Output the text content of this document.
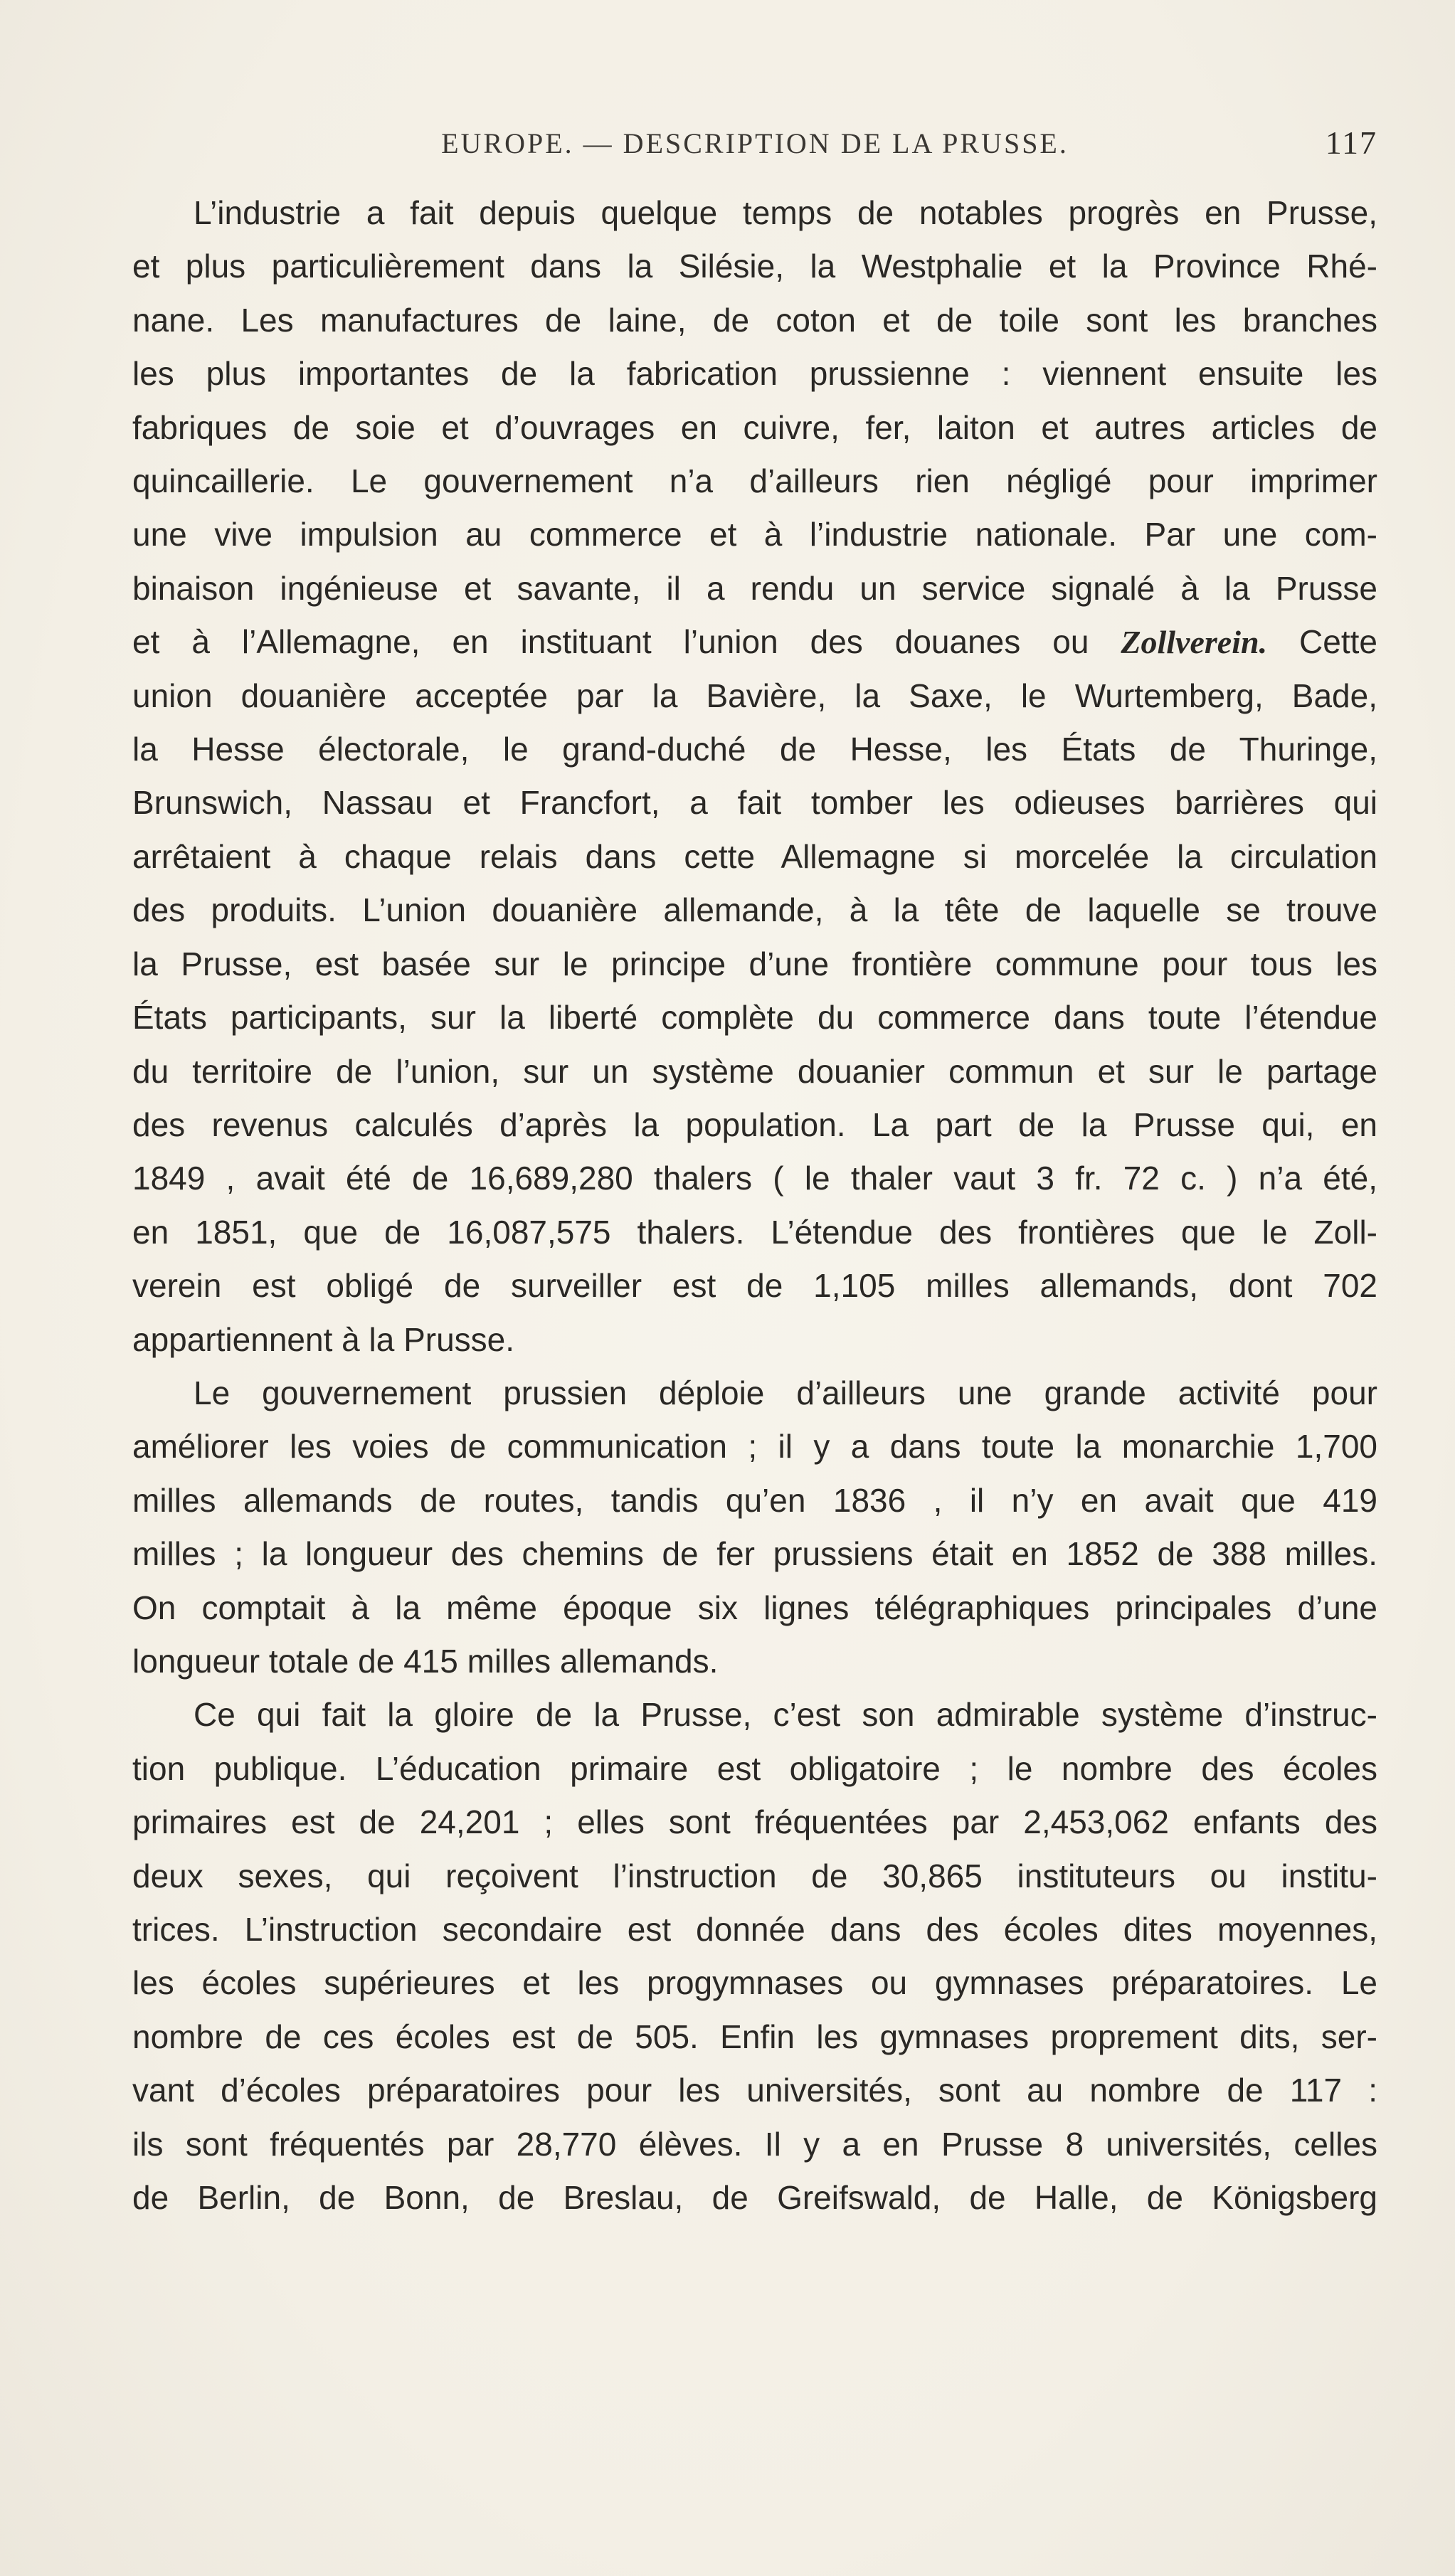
EUROPE. — DESCRIPTION DE LA PRUSSE.	117

L’industrie a fait depuis quelque temps de notables progrès en Prusse,
et plus particulièrement dans la Silésie, la Westphalie et la Province Rhé-
nane. Les manufactures de laine, de coton et de toile sont les branches
les plus importantes de la fabrication prussienne : viennent ensuite les
fabriques de soie et d’ouvrages en cuivre, fer, laiton et autres articles de
quincaillerie. Le gouvernement n’a d’ailleurs rien négligé pour imprimer
une vive impulsion au commerce et à l’industrie nationale. Par une com-
binaison ingénieuse et savante, il a rendu un service signalé à la Prusse
et à l’Allemagne, en instituant l’union des douanes ou Zollverein. Cette
union douanière acceptée par la Bavière, la Saxe, le Wurtemberg, Bade,
la Hesse électorale, le grand-duché de Hesse, les États de Thuringe,
Brunswich, Nassau et Francfort, a fait tomber les odieuses barrières qui
arrêtaient à chaque relais dans cette Allemagne si morcelée la circulation
des produits. L’union douanière allemande, à la tête de laquelle se trouve
la Prusse, est basée sur le principe d’une frontière commune pour tous les
États participants, sur la liberté complète du commerce dans toute l’étendue
du territoire de l’union, sur un système douanier commun et sur le partage
des revenus calculés d’après la population. La part de la Prusse qui, en
1849 , avait été de 16,689,280 thalers ( le thaler vaut 3 fr. 72 c. ) n’a été,
en 1851, que de 16,087,575 thalers. L’étendue des frontières que le Zoll-
verein est obligé de surveiller est de 1,105 milles allemands, dont 702
appartiennent à la Prusse.

Le gouvernement prussien déploie d’ailleurs une grande activité pour
améliorer les voies de communication ; il y a dans toute la monarchie 1,700
milles allemands de routes, tandis qu’en 1836 , il n’y en avait que 419
milles ; la longueur des chemins de fer prussiens était en 1852 de 388 milles.
On comptait à la même époque six lignes télégraphiques principales d’une
longueur totale de 415 milles allemands.

Ce qui fait la gloire de la Prusse, c’est son admirable système d’instruc-
tion publique. L’éducation primaire est obligatoire ; le nombre des écoles
primaires est de 24,201 ; elles sont fréquentées par 2,453,062 enfants des
deux sexes, qui reçoivent l’instruction de 30,865 instituteurs ou institu-
trices. L’instruction secondaire est donnée dans des écoles dites moyennes,
les écoles supérieures et les progymnases ou gymnases préparatoires. Le
nombre de ces écoles est de 505. Enfin les gymnases proprement dits, ser-
vant d’écoles préparatoires pour les universités, sont au nombre de 117 :
ils sont fréquentés par 28,770 élèves. Il y a en Prusse 8 universités, celles
de Berlin, de Bonn, de Breslau, de Greifswald, de Halle, de Königsberg
